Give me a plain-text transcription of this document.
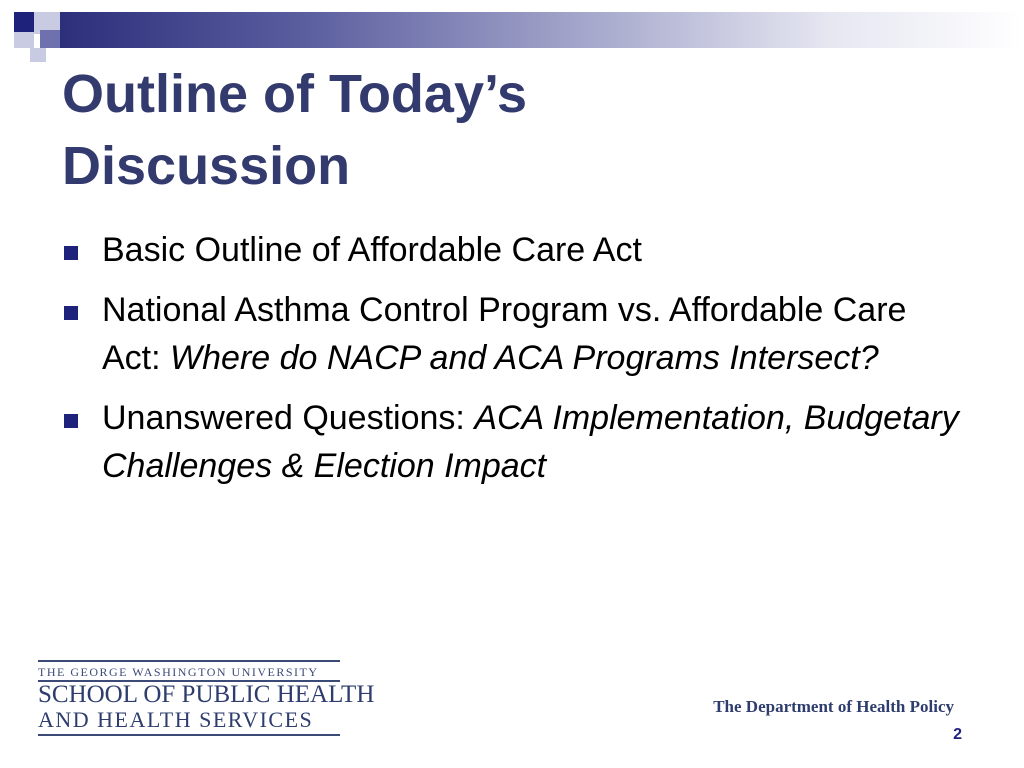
Outline of Today’s
Discussion
Basic Outline of Affordable Care Act
National Asthma Control Program vs. Affordable Care Act: Where do NACP and ACA Programs Intersect?
Unanswered Questions: ACA Implementation, Budgetary Challenges & Election Impact
THE GEORGE WASHINGTON UNIVERSITY
SCHOOL OF PUBLIC HEALTH
AND HEALTH SERVICES
The Department of Health Policy
2
